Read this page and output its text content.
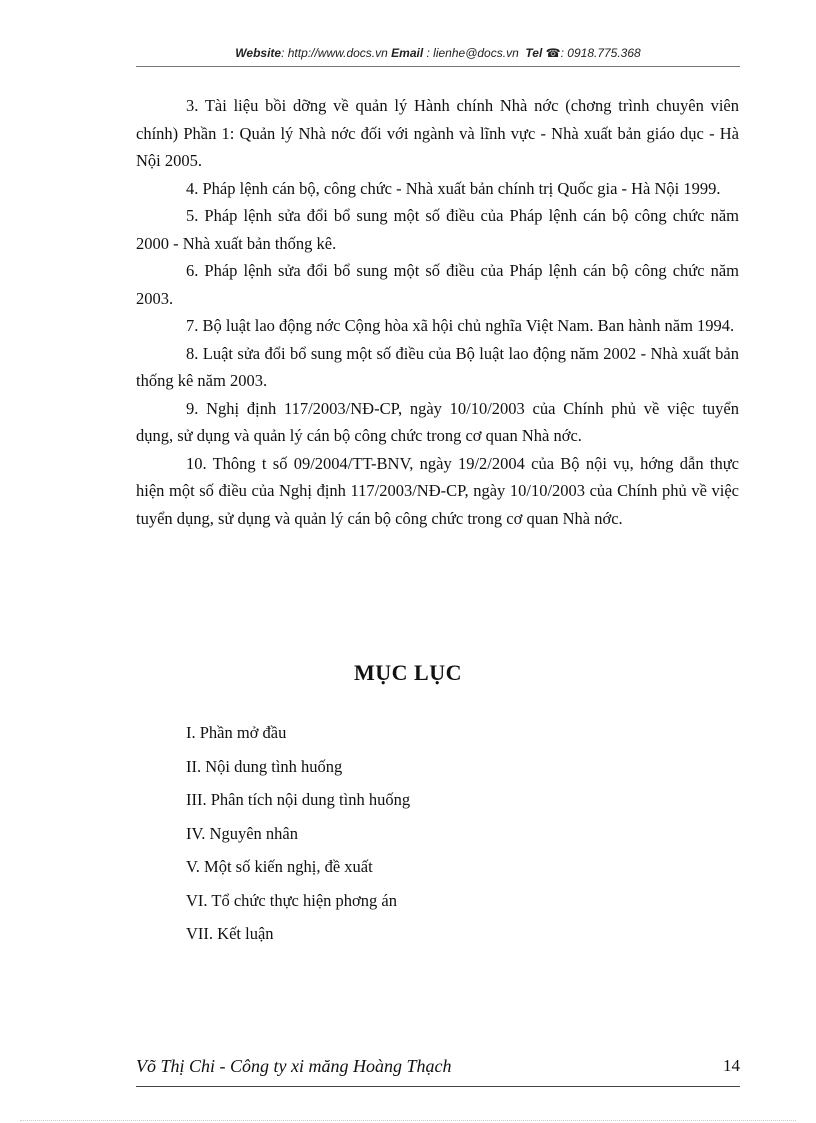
Website: http://www.docs.vn Email : lienhe@docs.vn Tel ☎: 0918.775.368

3. Tài liệu bồi dỡng về quản lý Hành chính Nhà nớc (chơng trình chuyên viên chính) Phần 1: Quản lý Nhà nớc đối với ngành và lĩnh vực - Nhà xuất bản giáo dục - Hà Nội 2005.

4. Pháp lệnh cán bộ, công chức - Nhà xuất bản chính trị Quốc gia - Hà Nội 1999.

5. Pháp lệnh sửa đổi bổ sung một số điều của Pháp lệnh cán bộ công chức năm 2000 - Nhà xuất bản thống kê.

6. Pháp lệnh sửa đổi bổ sung một số điều của Pháp lệnh cán bộ công chức năm 2003.

7. Bộ luật lao động nớc Cộng hòa xã hội chủ nghĩa Việt Nam. Ban hành năm 1994.

8. Luật sửa đổi bổ sung một số điều của Bộ luật lao động năm 2002 - Nhà xuất bản thống kê năm 2003.

9. Nghị định 117/2003/NĐ-CP, ngày 10/10/2003 của Chính phủ về việc tuyển dụng, sử dụng và quản lý cán bộ công chức trong cơ quan Nhà nớc.

10. Thông t số 09/2004/TT-BNV, ngày 19/2/2004 của Bộ nội vụ, hớng dẫn thực hiện một số điều của Nghị định 117/2003/NĐ-CP, ngày 10/10/2003 của Chính phủ về việc tuyển dụng, sử dụng và quản lý cán bộ công chức trong cơ quan Nhà nớc.

MỤC LỤC
I. Phần mở đầu
II. Nội dung tình huống
III. Phân tích nội dung tình huống
IV. Nguyên nhân
V. Một số kiến nghị, đề xuất
VI. Tổ chức thực hiện phơng án
VII. Kết luận
Võ Thị Chi - Công ty xi măng Hoàng Thạch	14
